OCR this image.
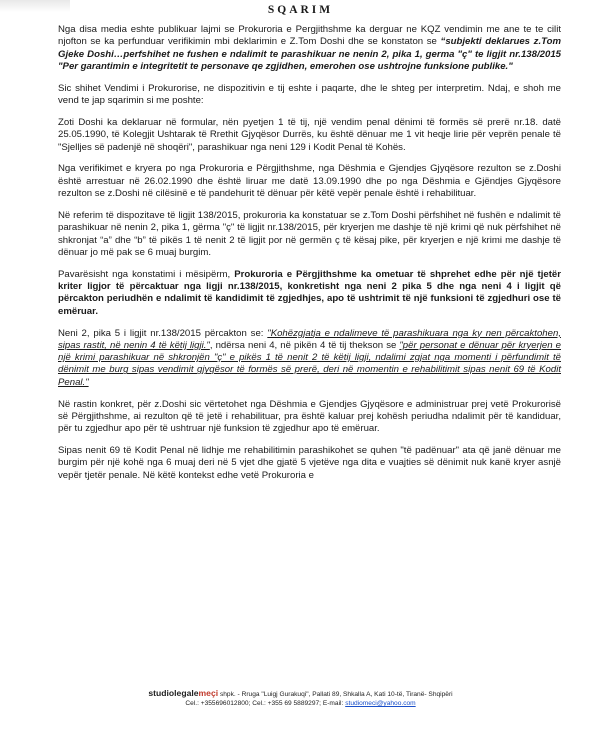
SQARIM

Nga disa media eshte publikuar lajmi se Prokuroria e Pergjithshme ka derguar ne KQZ vendimin me ane te te cilit njofton se ka perfunduar verifikimin mbi deklarimin e Z.Tom Doshi dhe se konstaton se “subjekti deklarues z.Tom Gjeke Doshi…perfshihet ne fushen e ndalimit te parashikuar ne nenin 2, pika 1, germa "ç" te ligjit nr.138/2015 "Per garantimin e integritetit te personave qe zgjidhen, emerohen ose ushtrojne funksione publike."

Sic shihet Vendimi i Prokurorise, ne dispozitivin e tij eshte i paqarte, dhe le shteg per interpretim. Ndaj, e shoh me vend te jap sqarimin si me poshte:

Zoti Doshi ka deklaruar në formular, nën pyetjen 1 të tij, një vendim penal dënimi të formës së prerë nr.18. datë 25.05.1990, të Kolegjit Ushtarak të Rrethit Gjyqësor Durrës, ku është dënuar me 1 vit heqje lirie për veprën penale të "Sjelljes së padenjë në shoqëri", parashikuar nga neni 129 i Kodit Penal të Kohës.

Nga verifikimet e kryera po nga Prokuroria e Përgjithshme, nga Dëshmia e Gjendjes Gjyqësore rezulton se z.Doshi është arrestuar në 26.02.1990 dhe është liruar me datë 13.09.1990 dhe po nga Dëshmia e Gjëndjes Gjyqësore rezulton se z.Doshi në cilësinë e të pandehurit të dënuar për këtë vepër penale është i rehabilituar.

Në referim të dispozitave të ligjit 138/2015, prokuroria ka konstatuar se z.Tom Doshi përfshihet në fushën e ndalimit të parashikuar në nenin 2, pika 1, gërma "ç" të ligjit nr.138/2015, për kryerjen me dashje të një krimi që nuk përfshihet në shkronjat “a” dhe “b” të pikës 1 të nenit 2 të ligjit por në germën ç të kësaj pike, për kryerjen e një krimi me dashje të dënuar jo më pak se 6 muaj burgim.

Pavarësisht nga konstatimi i mësipërm, Prokuroria e Përgjithshme ka ometuar të shprehet edhe për një tjetër kriter ligjor të përcaktuar nga ligji nr.138/2015, konkretisht nga neni 2 pika 5 dhe nga neni 4 i ligjit që përcakton periudhën e ndalimit të kandidimit të zgjedhjes, apo të ushtrimit të një funksioni të zgjedhuri ose të emëruar.

Neni 2, pika 5 i ligjit nr.138/2015 përcakton se: "Kohëzgjatja e ndalimeve të parashikuara nga ky nen përcaktohen, sipas rastit, në nenin 4 të këtij ligji.", ndërsa neni 4, në pikën 4 të tij thekson se "për personat e dënuar për kryerjen e një krimi parashikuar në shkronjën "ç" e pikës 1 të nenit 2 të këtij ligji, ndalimi zgjat nga momenti i përfundimit të dënimit me burg sipas vendimit gjyqësor të formës së prerë, deri në momentin e rehabilitimit sipas nenit 69 të Kodit Penal."

Në rastin konkret, për z.Doshi sic vërtetohet nga Dëshmia e Gjendjes Gjyqësore e administruar prej vetë Prokurorisë së Përgjithshme, ai rezulton që të jetë i rehabilituar, pra është kaluar prej kohësh periudha ndalimit për të kandiduar, për tu zgjedhur apo për të ushtruar një funksion të zgjedhur apo të emëruar.

Sipas nenit 69 të Kodit Penal në lidhje me rehabilitimin parashikohet se quhen "të padënuar" ata që janë dënuar me burgim për një kohë nga 6 muaj deri në 5 vjet dhe gjatë 5 vjetëve nga dita e vuajties së dënimit nuk kanë kryer asnjë vepër tjetër penale. Në këtë kontekst edhe vetë Prokuroria e

studiolegalemeçi shpk. - Rruga "Luigj Gurakuqi", Pallati 89, Shkalla A, Kati 10-të, Tiranë- Shqipëri
Cel.: +355696012800; Cel.: +355 69 5889297; E-mail: studiomeci@yahoo.com
